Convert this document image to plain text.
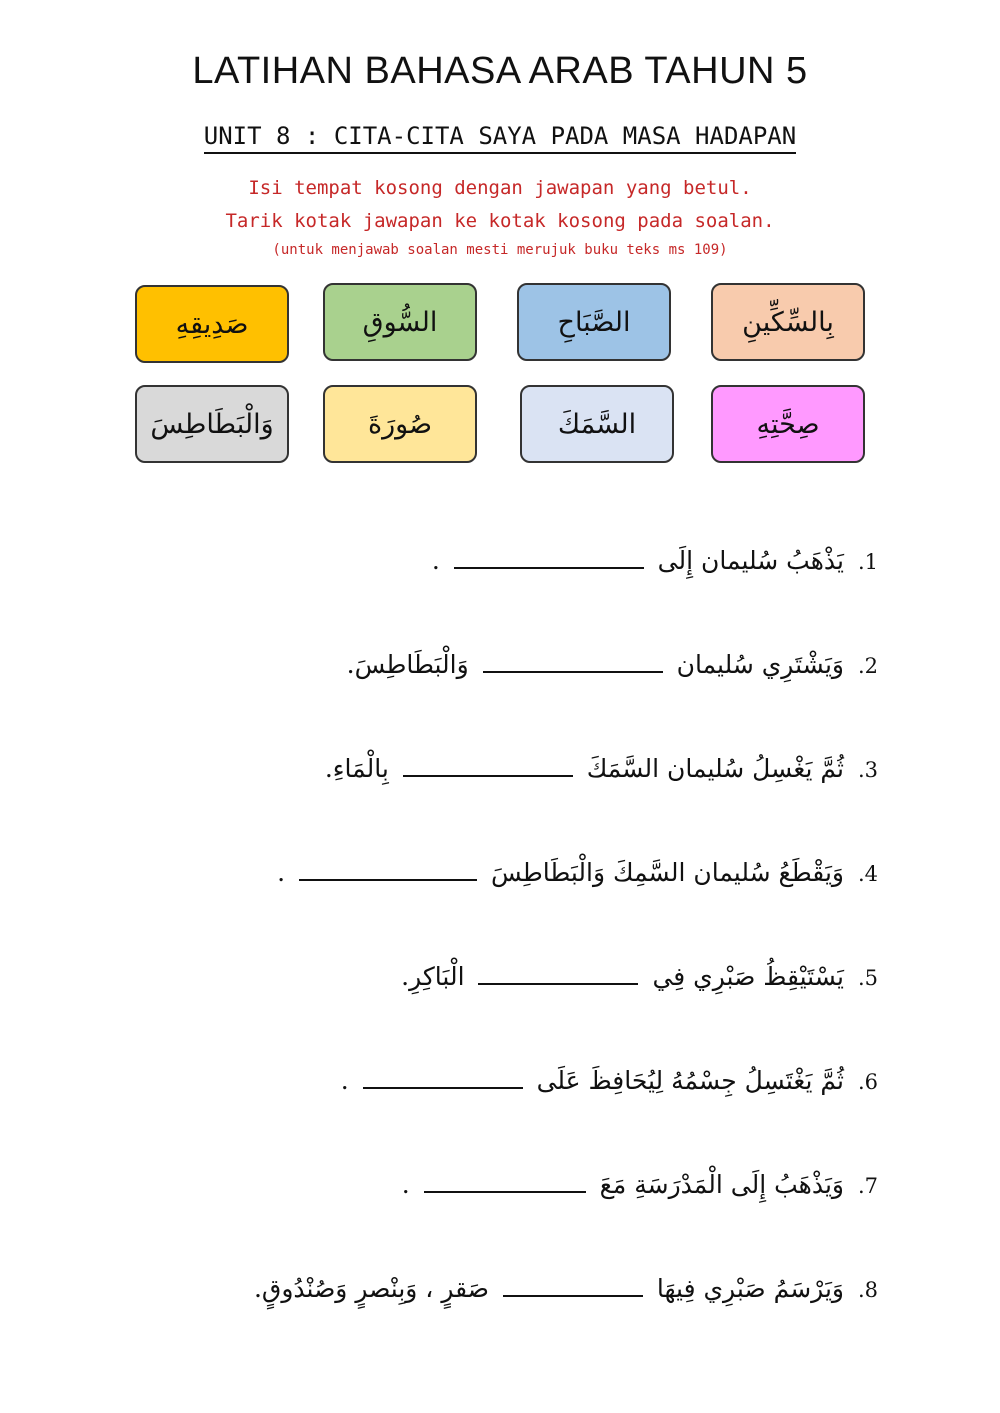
LATIHAN BAHASA ARAB TAHUN 5
UNIT 8 : CITA-CITA SAYA PADA MASA HADAPAN
Isi tempat kosong dengan jawapan yang betul.
Tarik kotak jawapan ke kotak kosong pada soalan.
(untuk menjawab soalan mesti merujuk buku teks ms 109)
صَدِيقِهِ	السُّوقِ	الصَّبَاحِ	بِالسِّكِّينِ
وَالْبَطَاطِسَ	صُورَةَ	السَّمَكَ	صِحَّتِهِ
1. يَذْهَبُ سُليمان إِلَى  .
2. وَيَشْتَرِي سُليمان  وَالْبَطَاطِسَ.
3. ثُمَّ يَغْسِلُ سُليمان السَّمَكَ  بِالْمَاءِ.
4. وَيَقْطَعُ سُليمان السَّمِكَ وَالْبَطَاطِسَ  .
5. يَسْتَيْقِظُ صَبْرِي فِي  الْبَاكِرِ.
6. ثُمَّ يَغْتَسِلُ جِسْمُهُ لِيُحَافِظَ عَلَى  .
7. وَيَذْهَبُ إِلَى الْمَدْرَسَةِ مَعَ  .
8. وَيَرْسَمُ صَبْرِي فِيهَا  صَقرٍ ، وَبِنْصرٍ وَصُنْدُوقٍ.
